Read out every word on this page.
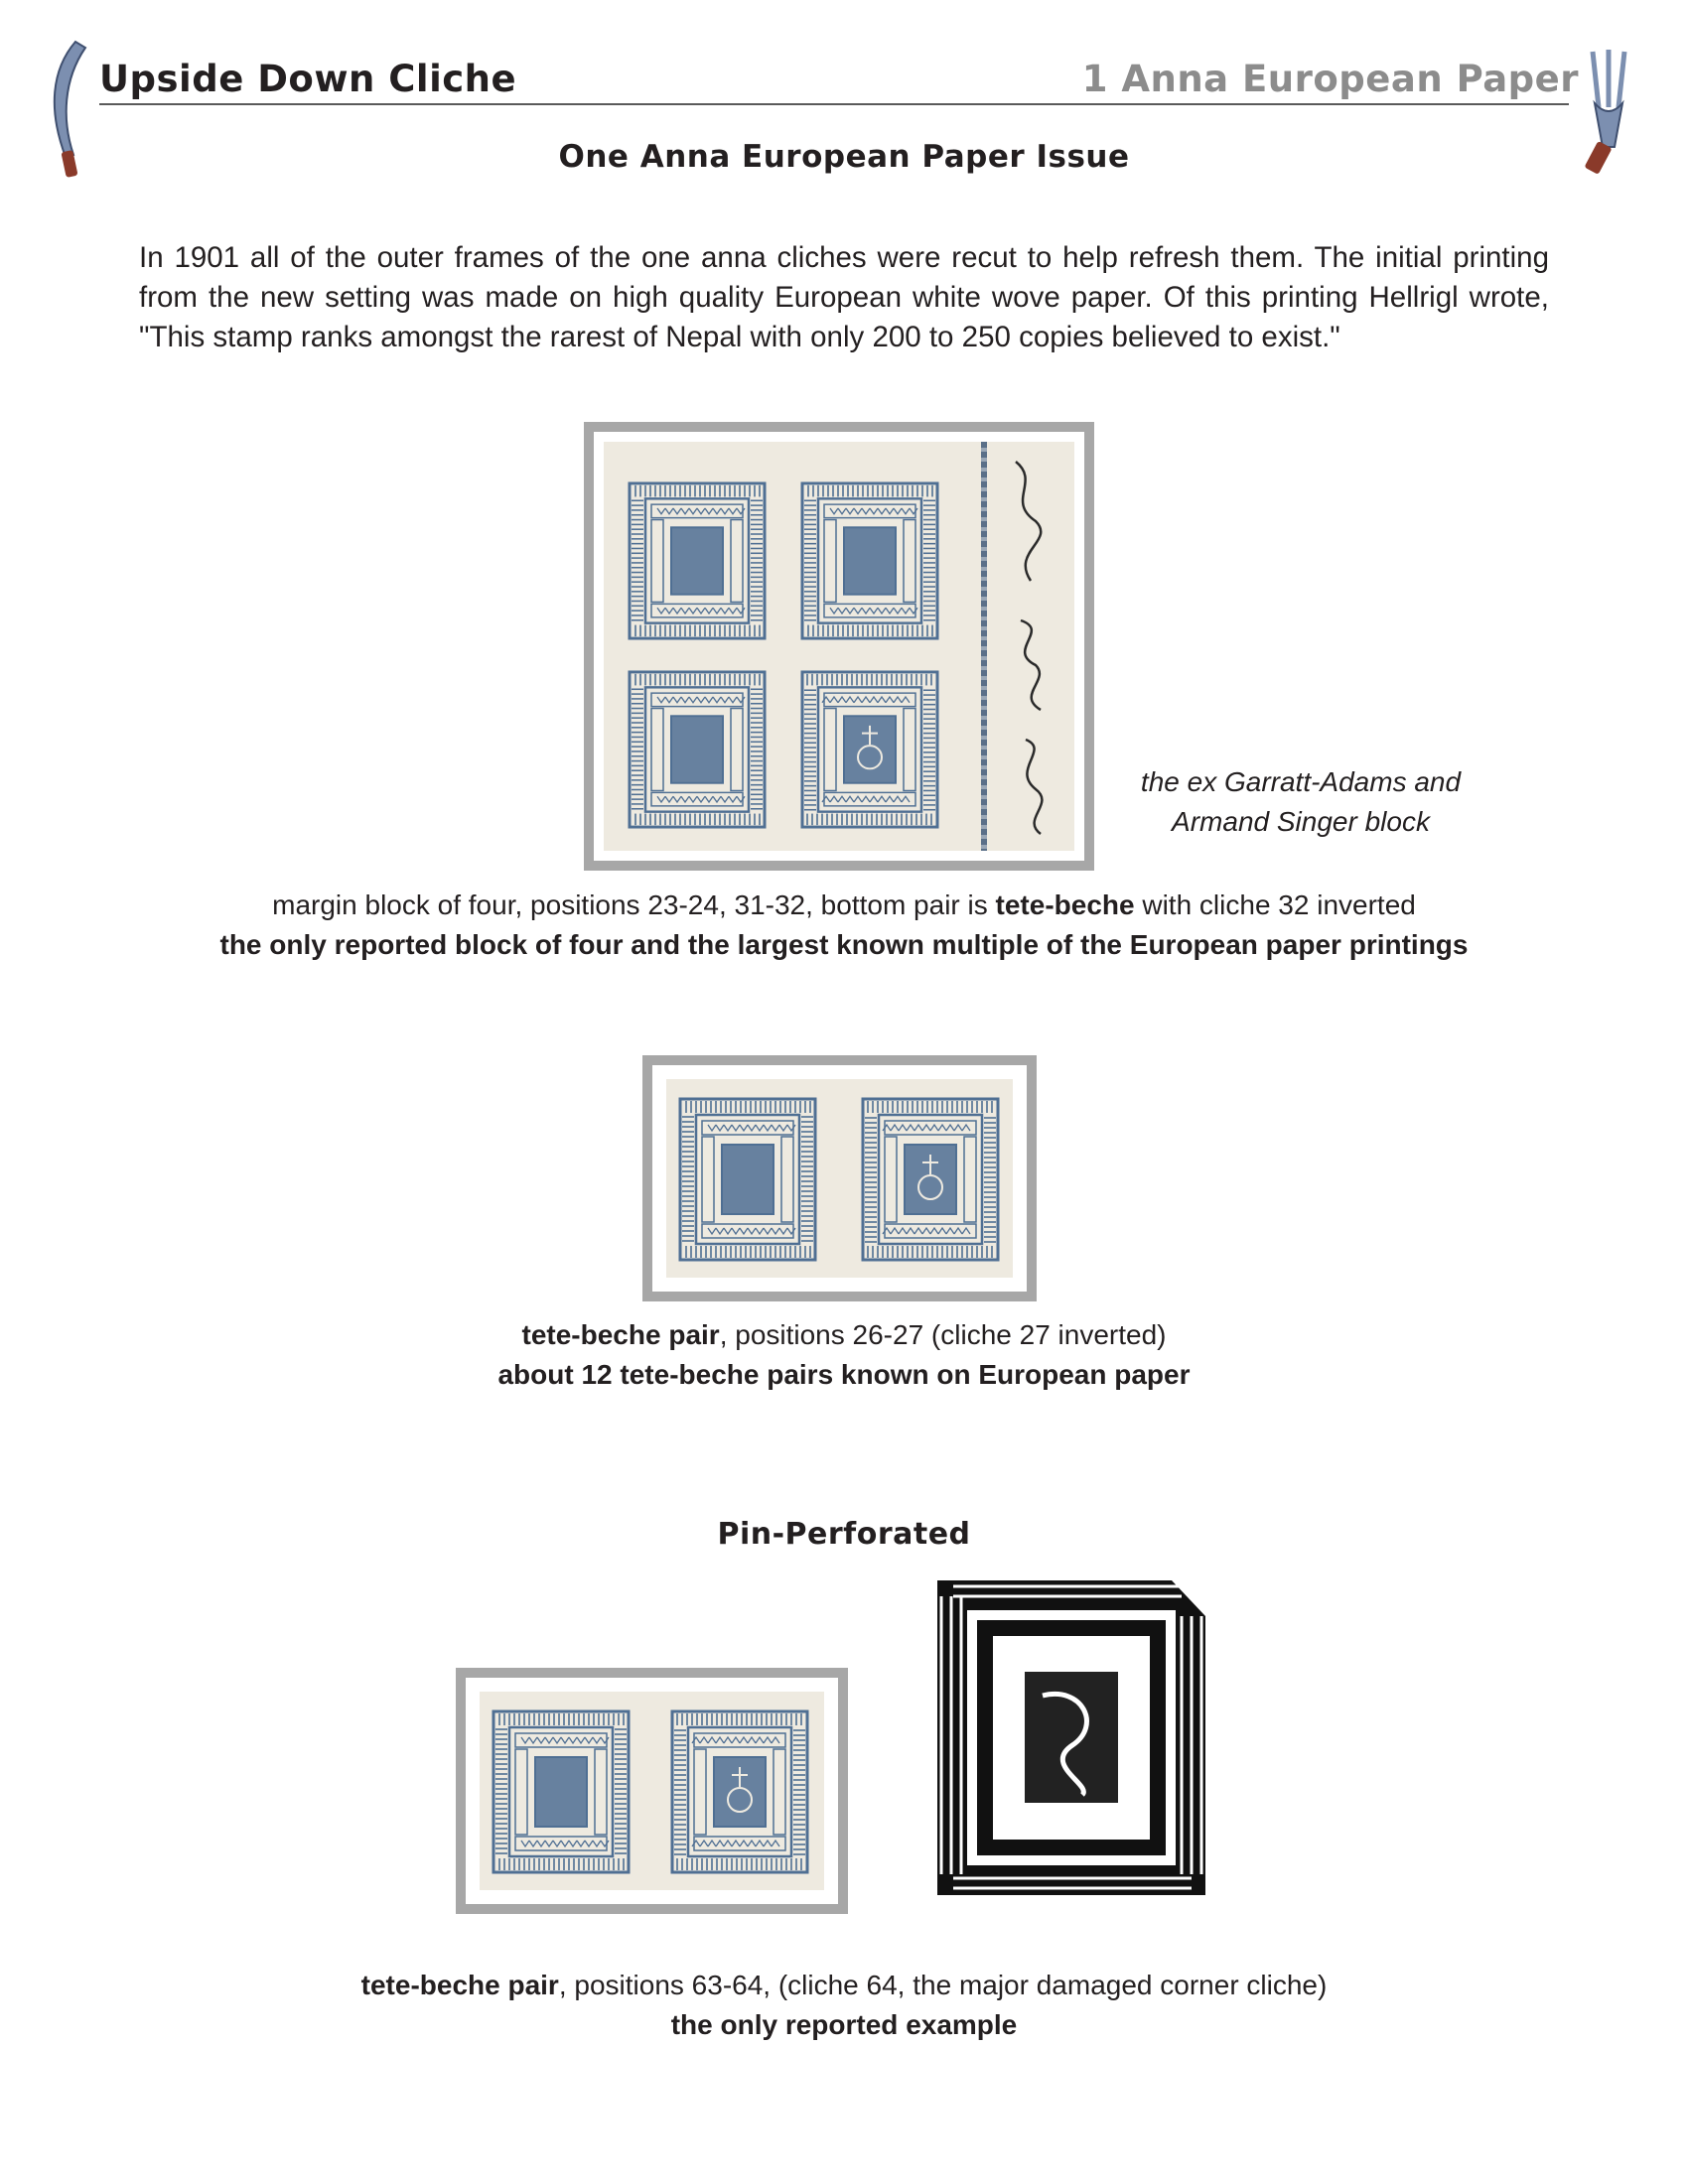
Upside Down Cliche	1 Anna European Paper
One Anna European Paper Issue
In 1901 all of the outer frames of the one anna cliches were recut to help refresh them. The initial printing from the new setting was made on high quality European white wove paper. Of this printing Hellrigl wrote, "This stamp ranks amongst the rarest of Nepal with only 200 to 250 copies believed to exist."
the ex Garratt-Adams and Armand Singer block
margin block of four, positions 23-24, 31-32, bottom pair is tete-beche with cliche 32 inverted
the only reported block of four and the largest known multiple of the European paper printings
tete-beche pair, positions 26-27 (cliche 27 inverted)
about 12 tete-beche pairs known on European paper
Pin-Perforated
tete-beche pair, positions 63-64, (cliche 64, the major damaged corner cliche)
the only reported example
